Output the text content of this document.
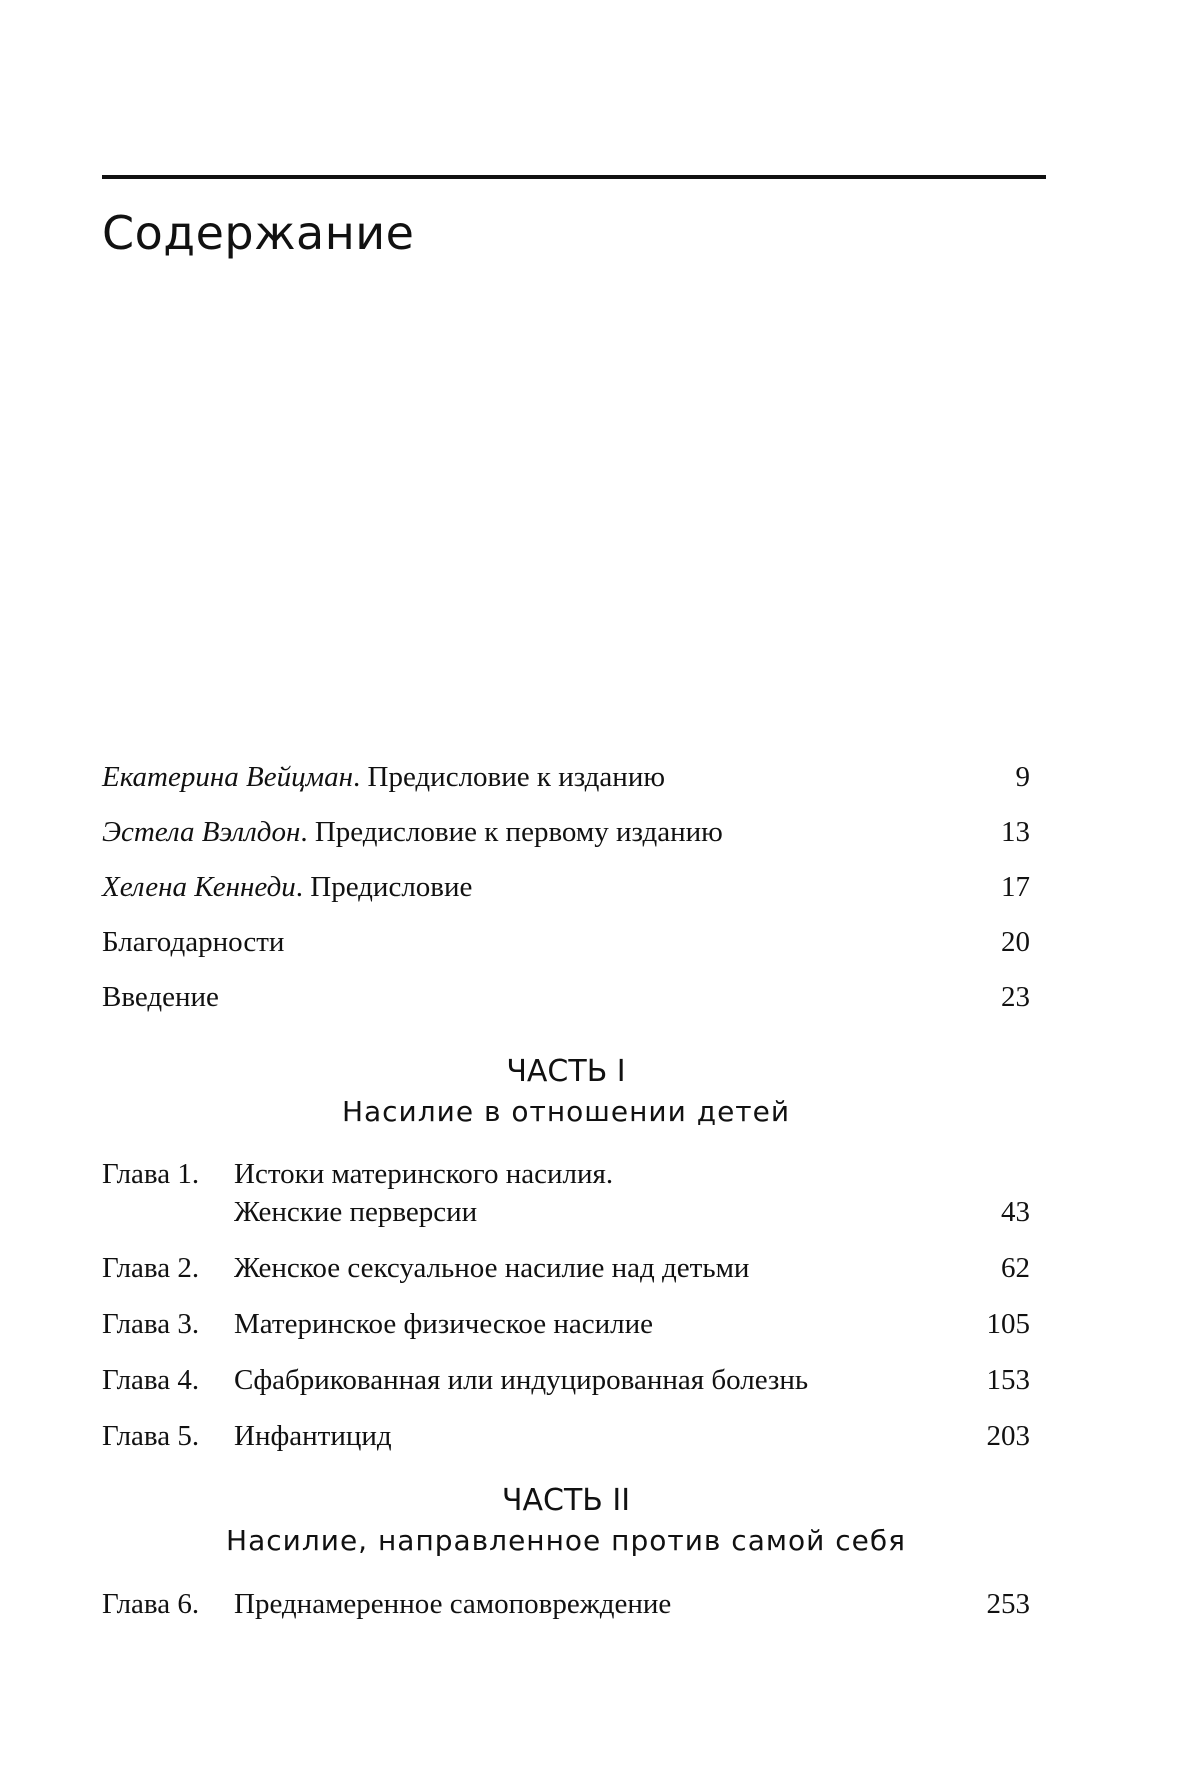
Содержание
Екатерина Вейцман. Предисловие к изданию	9
Эстела Вэллдон. Предисловие к первому изданию	13
Хелена Кеннеди. Предисловие	17
Благодарности	20
Введение	23
ЧАСТЬ I
Насилие в отношении детей
Глава 1. Истоки материнского насилия.
Женские перверсии	43
Глава 2. Женское сексуальное насилие над детьми	62
Глава 3. Материнское физическое насилие	105
Глава 4. Сфабрикованная или индуцированная болезнь	153
Глава 5. Инфантицид	203
ЧАСТЬ II
Насилие, направленное против самой себя
Глава 6. Преднамеренное самоповреждение	253
